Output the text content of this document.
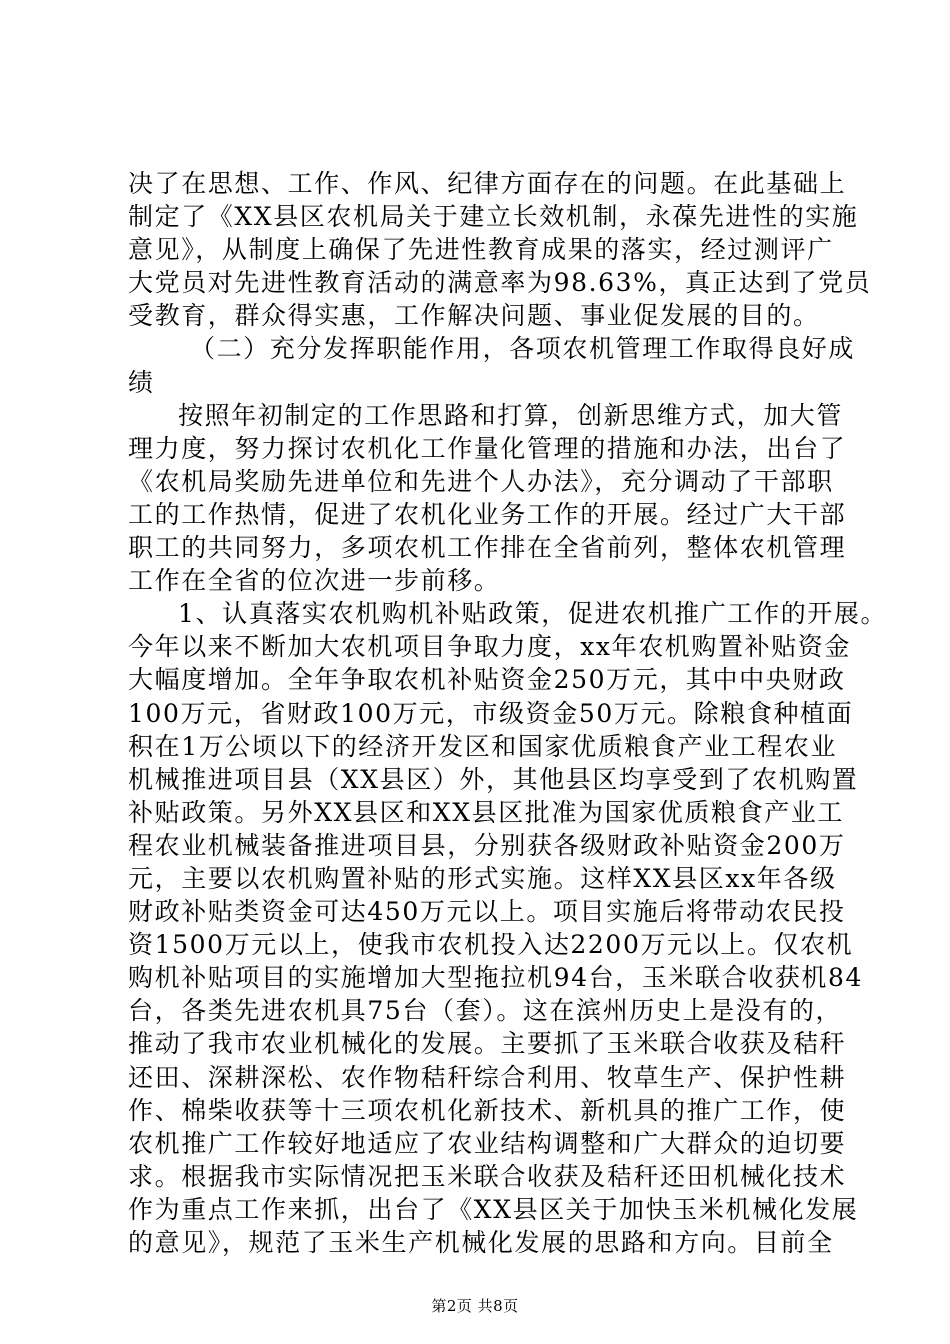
决了在思想、工作、作风、纪律方面存在的问题。在此基础上
制定了《XX县区农机局关于建立长效机制，永葆先进性的实施
意见》，从制度上确保了先进性教育成果的落实，经过测评广
大党员对先进性教育活动的满意率为98.63%，真正达到了党员
受教育，群众得实惠，工作解决问题、事业促发展的目的。
（二）充分发挥职能作用，各项农机管理工作取得良好成
绩
按照年初制定的工作思路和打算，创新思维方式，加大管
理力度，努力探讨农机化工作量化管理的措施和办法，出台了
《农机局奖励先进单位和先进个人办法》，充分调动了干部职
工的工作热情，促进了农机化业务工作的开展。经过广大干部
职工的共同努力，多项农机工作排在全省前列，整体农机管理
工作在全省的位次进一步前移。
1、认真落实农机购机补贴政策，促进农机推广工作的开展。
今年以来不断加大农机项目争取力度，xx年农机购置补贴资金
大幅度增加。全年争取农机补贴资金250万元，其中中央财政
100万元，省财政100万元，市级资金50万元。除粮食种植面
积在1万公顷以下的经济开发区和国家优质粮食产业工程农业
机械推进项目县（XX县区）外，其他县区均享受到了农机购置
补贴政策。另外XX县区和XX县区批准为国家优质粮食产业工
程农业机械装备推进项目县，分别获各级财政补贴资金200万
元，主要以农机购置补贴的形式实施。这样XX县区xx年各级
财政补贴类资金可达450万元以上。项目实施后将带动农民投
资1500万元以上，使我市农机投入达2200万元以上。仅农机
购机补贴项目的实施增加大型拖拉机94台，玉米联合收获机84
台，各类先进农机具75台（套）。这在滨州历史上是没有的，
推动了我市农业机械化的发展。主要抓了玉米联合收获及秸秆
还田、深耕深松、农作物秸秆综合利用、牧草生产、保护性耕
作、棉柴收获等十三项农机化新技术、新机具的推广工作，使
农机推广工作较好地适应了农业结构调整和广大群众的迫切要
求。根据我市实际情况把玉米联合收获及秸秆还田机械化技术
作为重点工作来抓，出台了《XX县区关于加快玉米机械化发展
的意见》，规范了玉米生产机械化发展的思路和方向。目前全
第2页 共8页
